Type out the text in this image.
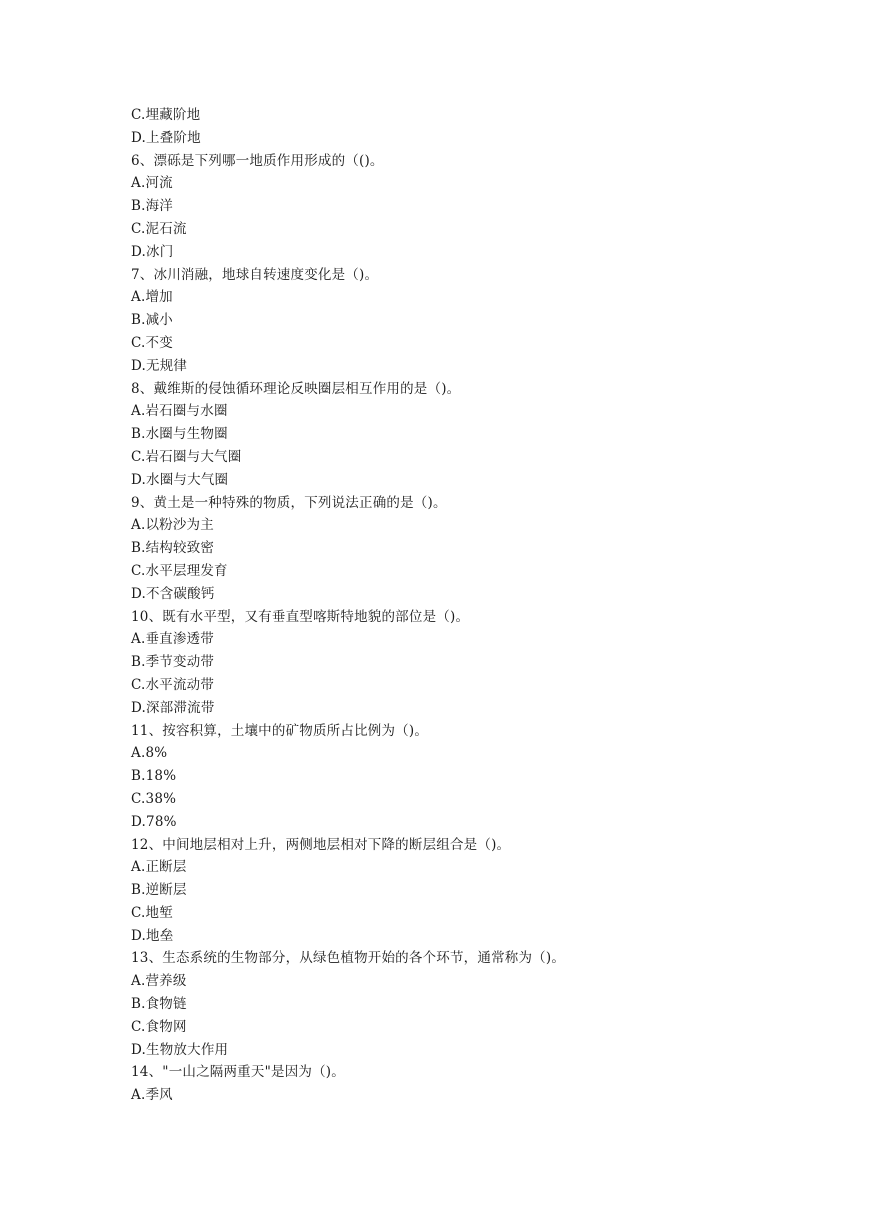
C.埋藏阶地
D.上叠阶地
6、漂砾是下列哪一地质作用形成的（()。
A.河流
B.海洋
C.泥石流
D.冰门
7、冰川消融，地球自转速度变化是（)。
A.增加
B.减小
C.不变
D.无规律
8、戴维斯的侵蚀循环理论反映圈层相互作用的是（)。
A.岩石圈与水圈
B.水圈与生物圈
C.岩石圈与大气圈
D.水圈与大气圈
9、黄土是一种特殊的物质，下列说法正确的是（)。
A.以粉沙为主
B.结构较致密
C.水平层理发育
D.不含碳酸钙
10、既有水平型，又有垂直型喀斯特地貌的部位是（)。
A.垂直渗透带
B.季节变动带
C.水平流动带
D.深部滞流带
11、按容积算，土壤中的矿物质所占比例为（)。
A.8%
B.18%
C.38%
D.78%
12、中间地层相对上升，两侧地层相对下降的断层组合是（)。
A.正断层
B.逆断层
C.地堑
D.地垒
13、生态系统的生物部分，从绿色植物开始的各个环节，通常称为（)。
A.营养级
B.食物链
C.食物网
D.生物放大作用
14、"一山之隔两重天"是因为（)。
A.季风
